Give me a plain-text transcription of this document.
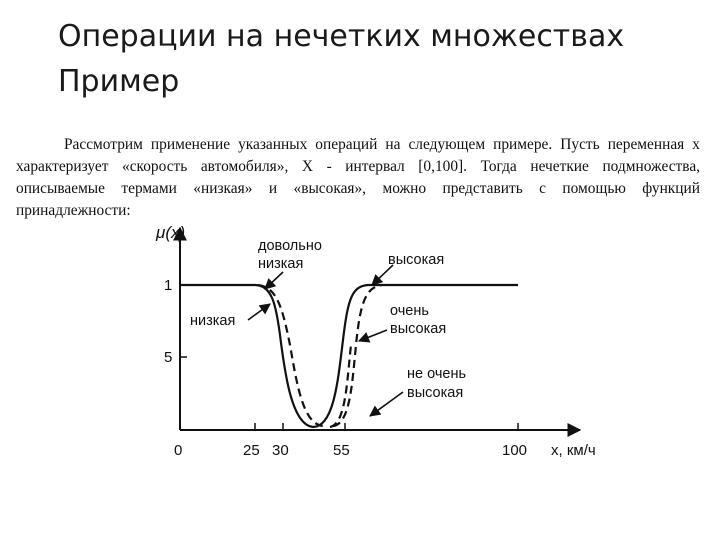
Операции на нечетких множествах
Пример
Рассмотрим применение указанных операций на следующем примере. Пусть переменная x характеризует «скорость автомобиля», X - интервал [0,100]. Тогда нечеткие подмножества, описываемые термами «низкая» и «высокая», можно представить с помощью функций принадлежности:
μ(x)
x, км/ч
1
5
0	25 30	55	100
довольно
низкая
низкая
высокая
очень
высокая
не очень
высокая
